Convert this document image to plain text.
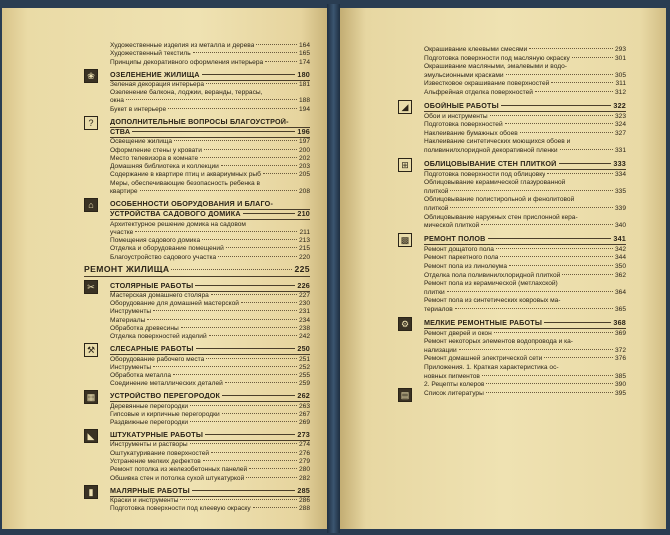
Художественные изделия из металла и дерева	164
Художественный текстиль	165
Принципы декоративного оформления интерьера	174
ОЗЕЛЕНЕНИЕ ЖИЛИЩА	180
❀
Зеленая декорация интерьера	181
Озеленение балкона, лоджии, веранды, террасы,
окна	188
Букет в интерьере	194
ДОПОЛНИТЕЛЬНЫЕ ВОПРОСЫ БЛАГОУСТРОЙ-
?
СТВА	196
Освещение жилища	197
Оформление стены у кровати	200
Место телевизора в комнате	202
Домашняя библиотека и коллекции	203
Содержание в квартире птиц и аквариумных рыб	205
Меры, обеспечивающие безопасность ребенка в
квартире	208
ОСОБЕННОСТИ ОБОРУДОВАНИЯ И БЛАГО-
⌂
УСТРОЙСТВА САДОВОГО ДОМИКА	210
Архитектурное решение домика на садовом
участке	211
Помещения садового домика	213
Отделка и оборудование помещений	215
Благоустройство садового участка	220
РЕМОНТ ЖИЛИЩА	225
СТОЛЯРНЫЕ РАБОТЫ	226
✂
Мастерская домашнего столяра	227
Оборудование для домашней мастерской	230
Инструменты	231
Материалы	234
Обработка древесины	238
Отделка поверхностей изделий	242
СЛЕСАРНЫЕ РАБОТЫ	250
⚒
Оборудование рабочего места	251
Инструменты	252
Обработка металла	255
Соединение металлических деталей	259
УСТРОЙСТВО ПЕРЕГОРОДОК	262
▦
Деревянные перегородки	263
Гипсовые и кирпичные перегородки	267
Раздвижные перегородки	269
ШТУКАТУРНЫЕ РАБОТЫ	273
◣
Инструменты и растворы	274
Оштукатуривание поверхностей	276
Устранение мелких дефектов	279
Ремонт потолка из железобетонных панелей	280
Обшивка стен и потолка сухой штукатуркой	282
МАЛЯРНЫЕ РАБОТЫ	285
▮
Краски и инструменты	286
Подготовка поверхности под клеевую окраску	288
Окрашивание клеевыми смесями	293
Подготовка поверхности под масляную окраску	301
Окрашивание масляными, эмалевыми и водо-
эмульсионными красками	305
Известковое окрашивание поверхностей	311
Альфрейная отделка поверхностей	312
ОБОЙНЫЕ РАБОТЫ	322
◢
Обои и инструменты	323
Подготовка поверхностей	324
Наклеивание бумажных обоев	327
Наклеивание синтетических моющихся обоев и
поливинилхлоридной декоративной пленки	331
ОБЛИЦОВЫВАНИЕ СТЕН ПЛИТКОЙ	333
⊞
Подготовка поверхности под облицовку	334
Облицовывание керамической глазурованной
плиткой	335
Облицовывание полистирольной и фенолитовой
плиткой	339
Облицовывание наружных стен прислонной кера-
мической плиткой	340
РЕМОНТ ПОЛОВ	341
▩
Ремонт дощатого пола	342
Ремонт паркетного пола	344
Ремонт пола из линолеума	350
Отделка пола поливинилхлоридной плиткой	362
Ремонт пола из керамической (метлахской)
плитки	364
Ремонт пола из синтетических ковровых ма-
териалов	365
МЕЛКИЕ РЕМОНТНЫЕ РАБОТЫ	368
⚙
Ремонт дверей и окон	369
Ремонт некоторых элементов водопровода и ка-
нализации	372
Ремонт домашней электрической сети	376
Приложения. 1. Краткая характеристика ос-
новных пигментов	385
2. Рецепты колеров	390
Список литературы	395
▤
